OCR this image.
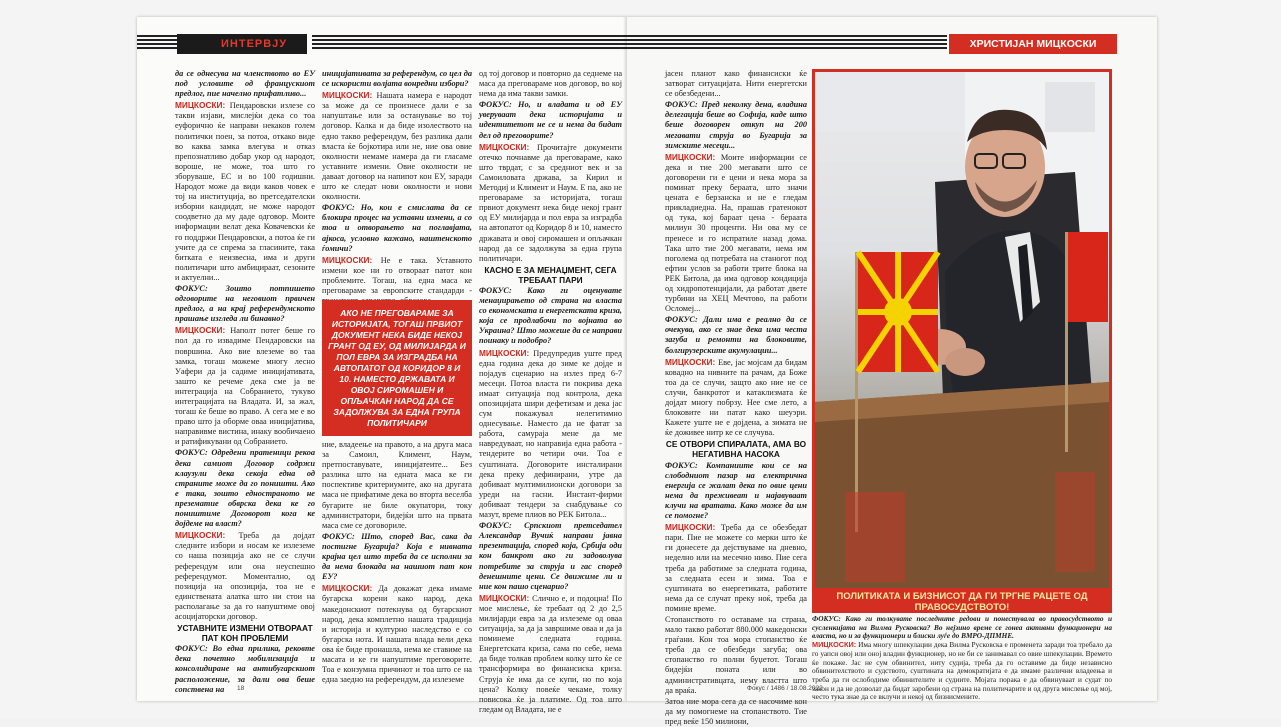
ИНТЕРВЈУ

да се однесува на членството во ЕУ под условите од францускиот предлог, пие начелно прифатливо...

МИЦКОСКИ: Пендаровски излезе со такви изјави, мислејќи дека со тоа еуфорично ќе направи некаков голем политички поен, за потоа, откако виде во каква замка влегува и отказ препознатливо добар укор од народот, вороше, не може, тоа што го зборуваше, ЕС и во 100 годишни. Народот може да види каков човек е тој на институција, во претседателски изборни кандидат, не може народот соодветно да му даде одговор. Моите информации велат дека Ковачевски ќе го поддржи Пендаровски, а потоа ќе ги учите да се спрема за гласините, така битката е неизвесна, има и други политичари што амбицираат, сезоните и актуелни...

ФОКУС: Зошто потпишето одговорите на неговиот првичен предлог, а на крај референдумското прашање изгледа ли бинавно?

МИЦКОСКИ: Наполт потег беше го пол да го извадиме Пендаровски на површина. Ако вие влеземе во таа замка, тогаш можеме многу лесно Уафери да ја садиме иницијативата, зашто ке речеме дека сме ја ве интеграција на Собранието, тукуво интеграцијата на Владата. И, за жал, тогаш ќе беше во право. А сега ме е во право што ја оборме оваа иницијатива, направивме вистина, инаку вообичаено и ратификувани од Собранието.

ФОКУС: Одредени пратеници рекоа дека самиот Договор содржи клаузули дека секоја една од страните може да го поништи. Ако е така, зошто едностраното не презематие обврска дека ке го поништиме Договорот кога ке дојдеме на власт?

МИЦКОСКИ: Треба да дојдат следните избори и носам ке излеземе со наша позиција ако не се случи референдум или она неуспешно референдумот. Моментално, од позиција на опозиција, тоа не е единствената алатка што ни стои на располагање за да го напуштиме овој асоцијаторски договор.

УСТАВНИТЕ ИЗМЕНИ ОТВОРААТ ПАТ КОН ПРОБЛЕМИ

ФОКУС: Во една прилика, рековте дека почетно мобилизација и консолидиране на антибугарскиот расположение, за дали ова беше сопствена на

иницијативата за референдум, со цел да се искористи волјата вонредни избори?

МИЦКОСКИ: Нашата намера е народот за може да се произнесе дали е за напуштање или за останување во тој договор. Калка и да биде изолеството на едно такво референдум, без разлика дали власта ќе бојкотира или не, ние ова овие околности немаме намера да ги гласаме уставните измени. Овие околности не даваат договор на напипот кон ЕУ, заради што ке следат нови околности и нови околности.

ФОКУС: Но, кои е смислата да се блокира процес на уставни измени, а со тоа и отворањето на поглавјата, ајкоса, условно кажано, наштенското ѓомичи?

МИЦКОСКИ: Не е така. Уставното измени кое ни го отвораат патот кон проблемите. Тогаш, на една маса ке преговараме за европските стандарди -

АКО НЕ ПРЕГОВАРАМЕ ЗА ИСТОРИЈАТА, ТОГАШ ПРВИОТ ДОКУМЕНТ НЕКА БИДЕ НЕКОЈ ГРАНТ ОД ЕУ, ОД МИЛИЈАРДА И ПОЛ ЕВРА ЗА ИЗГРАДБА НА АВТОПАТОТ ОД КОРИДОР 8 И 10. НАМЕСТО ДРЖАВАТА И ОВОЈ СИРОМАШЕН И ОПЉАЧКАН НАРОД ДА СЕ ЗАДОЛЖУВА ЗА ЕДНА ГРУПА ПОЛИТИЧАРИ

ние, владеење на правото, а на друга маса за Самоил, Климент, Наум, претпоставувате, иницијатеите... Без разлика што на едната маса ке ги поспективе критериумите, ако на другата маса не прифатиме дека во вторта веселба бугарите не биле окупатори, току администратори, бидејќи што на првата маса сме се договориле.

ФОКУС: Што, според Вас, сака да постигне Бугарија? Која е нивната крајна цел што треба да се исполни за да нема блокада на нашиот пат кон ЕУ?

МИЦКОСКИ: Да докажат дека имаме бугарска корени како народ, дека македонскиот потекнува од бугарскиот народ, дека комплетно нашата традиција и историја и културно наследство е со бугарска нота. И нашата влада вели дека ова ќе биде пронашла, нема ке ставиме на масата и ке ги напуштиме преговорите. Тоа е конзумна причинот и тоа што се на една заедно на референдум, да излеземе

од тој договор и повторно да седнеме на маса да преговараме нов договор, во кој нема да има такви замки.

ФОКУС: Но, и владата и од ЕУ уверуваат дека историјата и идентитетот не се и нема да бидат дел од преговорите?

МИЦКОСКИ: Прочитајте документи отечко почнавме да преговараме, како што тврдат, с за средниот век и за Самоиловата држава, за Кирил и Методиј и Климент и Наум. Е па, ако не преговараме за историјата, тогаш првиот документ нека биде некој грант од ЕУ милијарда и пол евра за изградба на автопатот од Коридор 8 и 10, наместо државата и овој сиромашен и опљачкан народ да се задолжува за една група политичари.

КАСНО Е ЗА МЕНАЏМЕНТ, СЕГА ТРЕБААТ ПАРИ

ФОКУС: Како ги оценувате менаџирањето од страна на власта со економската и енергетската криза, која се продлабочи по војната во Украина? Што можеше да се направи поинаку и подобро?

МИЦКОСКИ: Предупредив уште пред една година дека до зиме ке дојде и појадув сценарио на излез пред 6-7 месеци. Потоа власта ги покрива дека имаат ситуација под контрола, дека опозицијата шири дефетизам и дека јас сум покажувал нелегитимно однесување. Наместо да не фатат за работа, самураја мене да ме навредуваат, но направија една работа - тендерите во четири очи. Тоа е суштината. Договорите инсталирани дека преку дефинирани, утре да добиваат мултимилионски договори за уреди на гасни. Инстант-фирми добиваат тендери за снабдување со мазут, време плиов во РЕК Битола...

ФОКУС: Српскиот претседател Александар Вучиќ направи јавна презентација, според која, Србија оди кон банкрот ако ги задоволува потребите за струја и гас според денешните цени. Се движиме ли и ние кон пашо сценарио?

МИЦКОСКИ: Слично е, и подоцна! По мое мислење, ќе требаат од 2 до 2,5 милијарди евра за да излеземе од оваа ситуација, за да ја завршиме оваа и да ја поминеме следната година. Енергетската криза, сама по себе, нема да биде толкав проблем колку што ќе се трансформира во финансиска криза. Струја ќе има да се купи, но по која цена? Колку повеќе чекаме, толку повисока ќе ја платиме. Од тоа што гледам од Владата, не е

18
ХРИСТИЈАН МИЦКОСКИ

јасен планот како финансиски ќе затворат ситуацијата. Нити енергетски се обезбедени...

ФОКУС: Пред неколку дена, владина делегација беше во Софија, каде што беше договорен откуп на 200 мегавати струја во Бугарија за зимските месеци...

МИЦКОСКИ: Моите информации се дека и тие 200 мегавати што се договорени ги е цени и нека мора за поминат преку бераата, што значи цената е берзанска и не е гледам прикладиедна. На, прашав гратенокот од тука, кој бараат цена - бераата милиун 30 проценти. Ни ова му се пренесе и го испратиле назад дома. Така што тие 200 мегавати, нема им поголема од потребата на станогот под ефтин услов за работи трите блока на РЕК Битола, да има одговор кондиција од хидропотенцијали, да работат двете турбини на ХЕЦ Мечтово, па работи Осломеј...

ФОКУС: Дали има е реално да се очекува, ако се знае дека има честа загуба и ремонти на блоковите, болгирузерските акумулации...

МИЦКОСКИ: Еве, јас мојсам да бидам ковадно на нивните па рачам, да Боже тоа да се случи, защто ако ние не се случи, банкротот и катаклизмата ќе дојдат многу побрзу. Нее сме лето, а блоковите ни патат како шеуэри. Кажете уште не е дојдена, а зимата не ќе доживее нитр ке се случува.

СЕ ОТВОРИ СПИРАЛАТА, АМА ВО НЕГАТИВНА НАСОКА

ФОКУС: Компаниите кои се на слободниот пазар на електрична енергија се жалат дека по овие цени нема да преживеат и најавуваат клучи на вратата. Како може да им се помогне?

МИЦКОСКИ: Треба да се обезбедат пари. Пие не можете со мерки што ќе ги донесете да дејствуваме на дневно, неделно или на месечно ниво. Пие сега треба да работиме за следната година, за следната есен и зима. Тоа е суштината во енергетиката, работите нема да се случат преку ноќ, треба да помине време.

Стопанството го оставаме на страна, мало такво работат 880.000 македонски граѓани. Кон тоа мора стопанство ќе треба да се обезбеди загуба; ова стопанство го полни буџетот. Тогаш бидејќи поната или во административцата, нему властта што да враќа.

Затоа ние мора сега да се насочиме кон да му помогнеме на стопанството. Тие пред веќе 150 милиони,

ПОЛИТИКАТА И БИЗНИСОТ ДА ГИ ТРГНЕ РАЦЕТЕ ОД ПРАВОСУДСТВОТО!
ФОКУС: Како ги толкувате последните редови и понестувала во правосудството и сусленкијата на Вилма Русковска? Во нејзино време се гонеа активни функционери на власта, но и за функционери и блиски луѓе до ВМРО-ДПМНЕ.
МИЦКОСКИ: Има многу шпекулации дека Вилма Русковска е променета заради тоа требало да го уапси овој или оној владин функционер, но не би се занимавал со овие шпекулации. Времето ќе покаже. Јас не сум обвинител, ниту судија, треба да го оставиме да биде независно обвинителството и судството, суштината на демократијата е да имаме различни владеења и треба да ги ослободиме обвинителите и судиите. Мојата порака е да обвинуваат и судат по закон и да не дозволат да бидат заробени од страна на политичарите и од друга мислење од мој, често тука знае да се вклучи и некој од бизнисмените.
Фокус / 1486 / 18.08.2022
